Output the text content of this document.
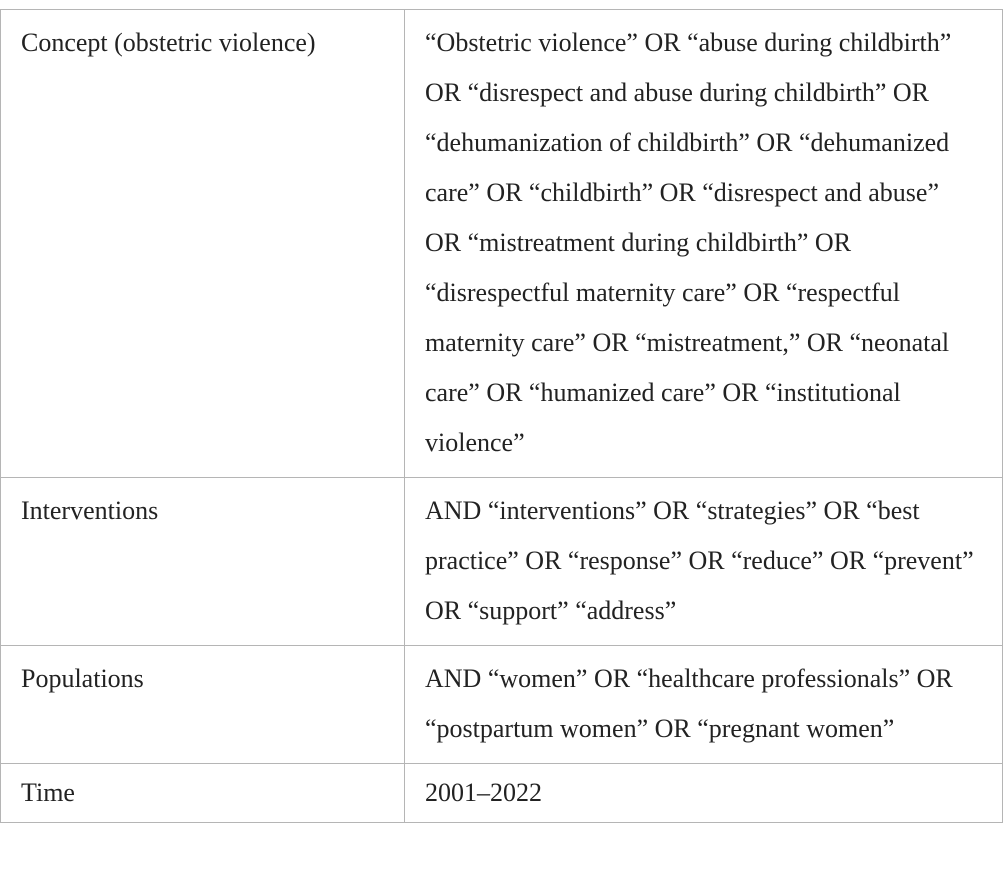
Concept (obstetric violence)	“Obstetric violence” OR “abuse during childbirth” OR “disrespect and abuse during childbirth” OR “dehumanization of childbirth” OR “dehumanized care” OR “childbirth” OR “disrespect and abuse” OR “mistreatment during childbirth” OR “disrespectful maternity care” OR “respectful maternity care” OR “mistreatment,” OR “neonatal care” OR “humanized care” OR “institutional violence”
Interventions	AND “interventions” OR “strategies” OR “best practice” OR “response” OR “reduce” OR “prevent” OR “support” “address”
Populations	AND “women” OR “healthcare professionals” OR “postpartum women” OR “pregnant women”
Time	2001–2022
